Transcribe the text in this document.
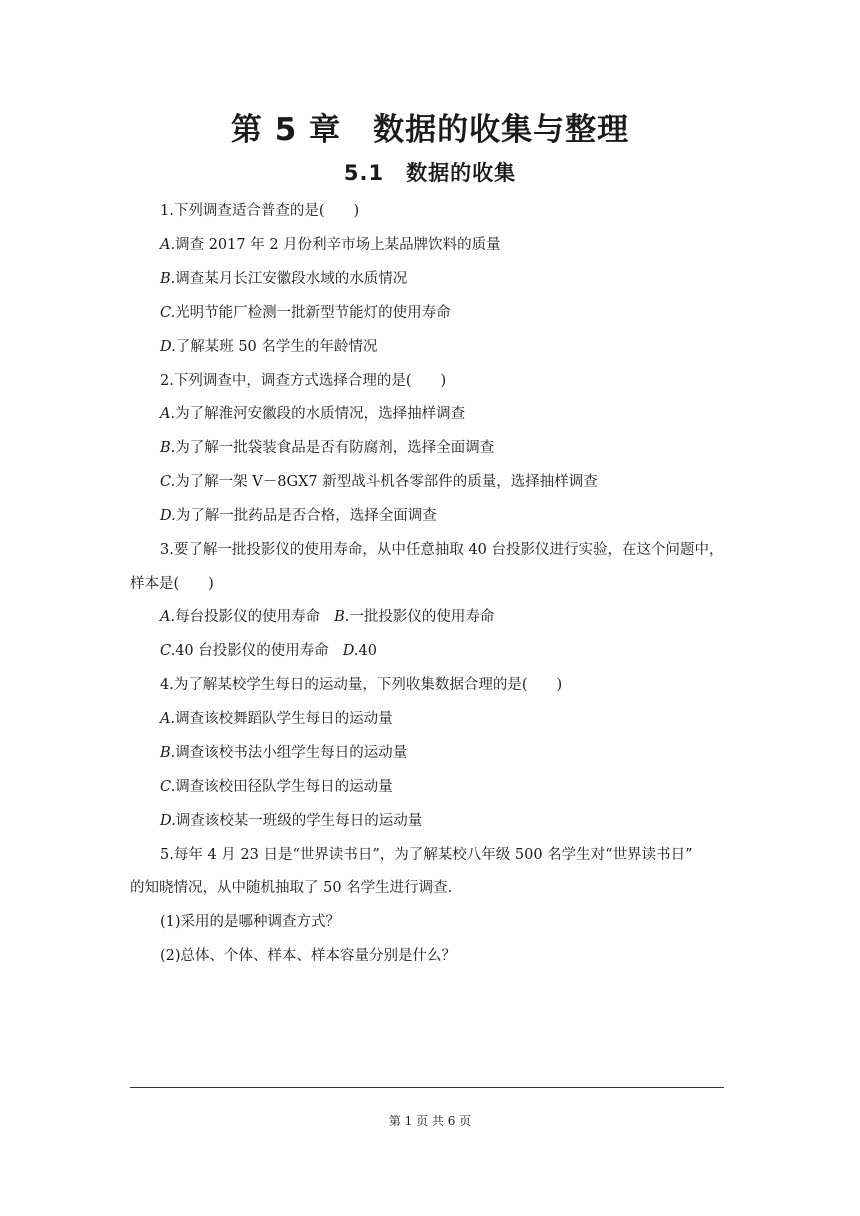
第 5 章　数据的收集与整理
5.1　数据的收集
1.下列调查适合普查的是(　　)
A.调查 2017 年 2 月份利辛市场上某品牌饮料的质量
B.调查某月长江安徽段水域的水质情况
C.光明节能厂检测一批新型节能灯的使用寿命
D.了解某班 50 名学生的年龄情况
2.下列调查中，调查方式选择合理的是(　　)
A.为了解淮河安徽段的水质情况，选择抽样调查
B.为了解一批袋装食品是否有防腐剂，选择全面调查
C.为了解一架 V－8GX7 新型战斗机各零部件的质量，选择抽样调查
D.为了解一批药品是否合格，选择全面调查
3.要了解一批投影仪的使用寿命，从中任意抽取 40 台投影仪进行实验，在这个问题中，
样本是(　　)
A.每台投影仪的使用寿命 B.一批投影仪的使用寿命
C.40 台投影仪的使用寿命 D.40
4.为了解某校学生每日的运动量，下列收集数据合理的是(　　)
A.调查该校舞蹈队学生每日的运动量
B.调查该校书法小组学生每日的运动量
C.调查该校田径队学生每日的运动量
D.调查该校某一班级的学生每日的运动量
5.每年 4 月 23 日是“世界读书日”，为了解某校八年级 500 名学生对“世界读书日”
的知晓情况，从中随机抽取了 50 名学生进行调查.
(1)采用的是哪种调查方式？
(2)总体、个体、样本、样本容量分别是什么？
第 1 页 共 6 页
